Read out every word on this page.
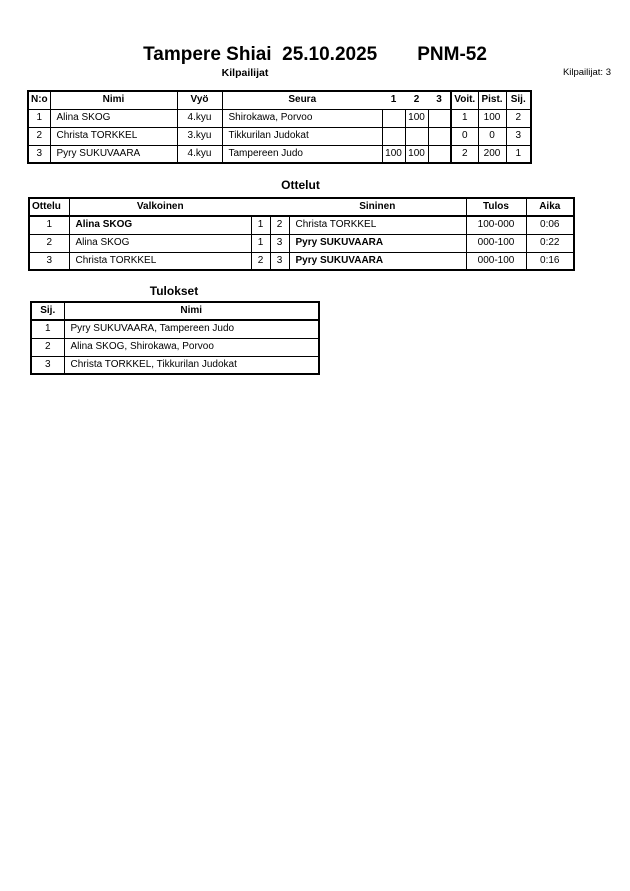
Tampere Shiai  25.10.2025 PNM-52
Kilpailijat	Kilpailijat: 3
N:o	Nimi	Vyö	Seura	1	2	3	Voit.	Pist.	Sij.
1	Alina SKOG	4.kyu	Shirokawa, Porvoo		100		1	100	2
2	Christa TORKKEL	3.kyu	Tikkurilan Judokat				0	0	3
3	Pyry SUKUVAARA	4.kyu	Tampereen Judo	100	100		2	200	1
Ottelut
Ottelu	Valkoinen			Sininen	Tulos	Aika
1	Alina SKOG	1	2	Christa TORKKEL	100-000	0:06
2	Alina SKOG	1	3	Pyry SUKUVAARA	000-100	0:22
3	Christa TORKKEL	2	3	Pyry SUKUVAARA	000-100	0:16
Tulokset
Sij.	Nimi
1	Pyry SUKUVAARA, Tampereen Judo
2	Alina SKOG, Shirokawa, Porvoo
3	Christa TORKKEL, Tikkurilan Judokat
